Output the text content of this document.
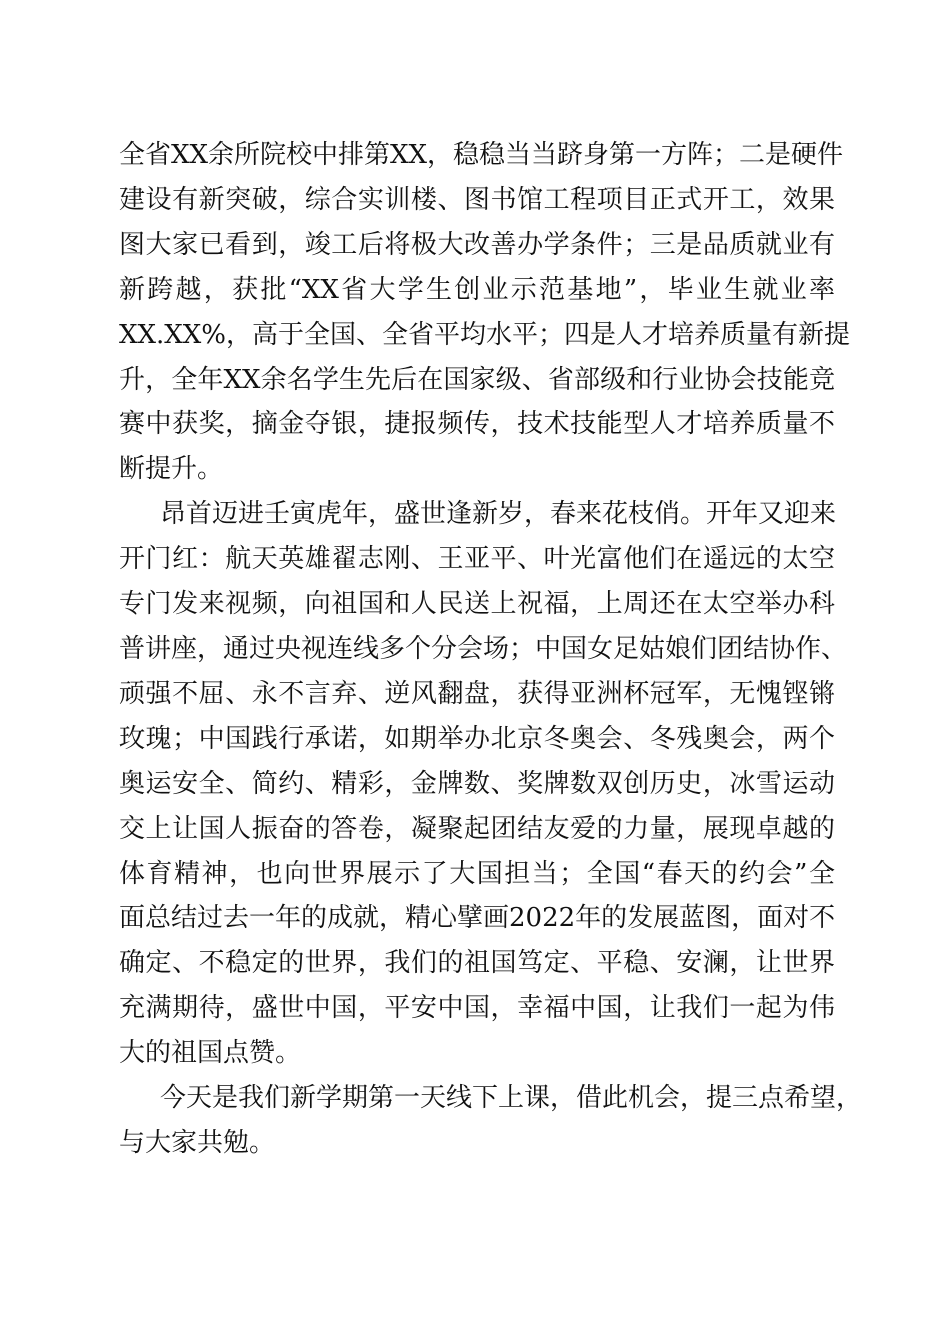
全省XX余所院校中排第XX，稳稳当当跻身第一方阵；二是硬件
建设有新突破，综合实训楼、图书馆工程项目正式开工，效果
图大家已看到，竣工后将极大改善办学条件；三是品质就业有
新跨越，获批“XX省大学生创业示范基地”，毕业生就业率
XX.XX%，高于全国、全省平均水平；四是人才培养质量有新提
升，全年XX余名学生先后在国家级、省部级和行业协会技能竞
赛中获奖，摘金夺银，捷报频传，技术技能型人才培养质量不
断提升。
昂首迈进壬寅虎年，盛世逢新岁，春来花枝俏。开年又迎来
开门红：航天英雄翟志刚、王亚平、叶光富他们在遥远的太空
专门发来视频，向祖国和人民送上祝福，上周还在太空举办科
普讲座，通过央视连线多个分会场；中国女足姑娘们团结协作、
顽强不屈、永不言弃、逆风翻盘，获得亚洲杯冠军，无愧铿锵
玫瑰；中国践行承诺，如期举办北京冬奥会、冬残奥会，两个
奥运安全、简约、精彩，金牌数、奖牌数双创历史，冰雪运动
交上让国人振奋的答卷，凝聚起团结友爱的力量，展现卓越的
体育精神，也向世界展示了大国担当；全国“春天的约会”全
面总结过去一年的成就，精心擘画2022年的发展蓝图，面对不
确定、不稳定的世界，我们的祖国笃定、平稳、安澜，让世界
充满期待，盛世中国，平安中国，幸福中国，让我们一起为伟
大的祖国点赞。
今天是我们新学期第一天线下上课，借此机会，提三点希望，
与大家共勉。
